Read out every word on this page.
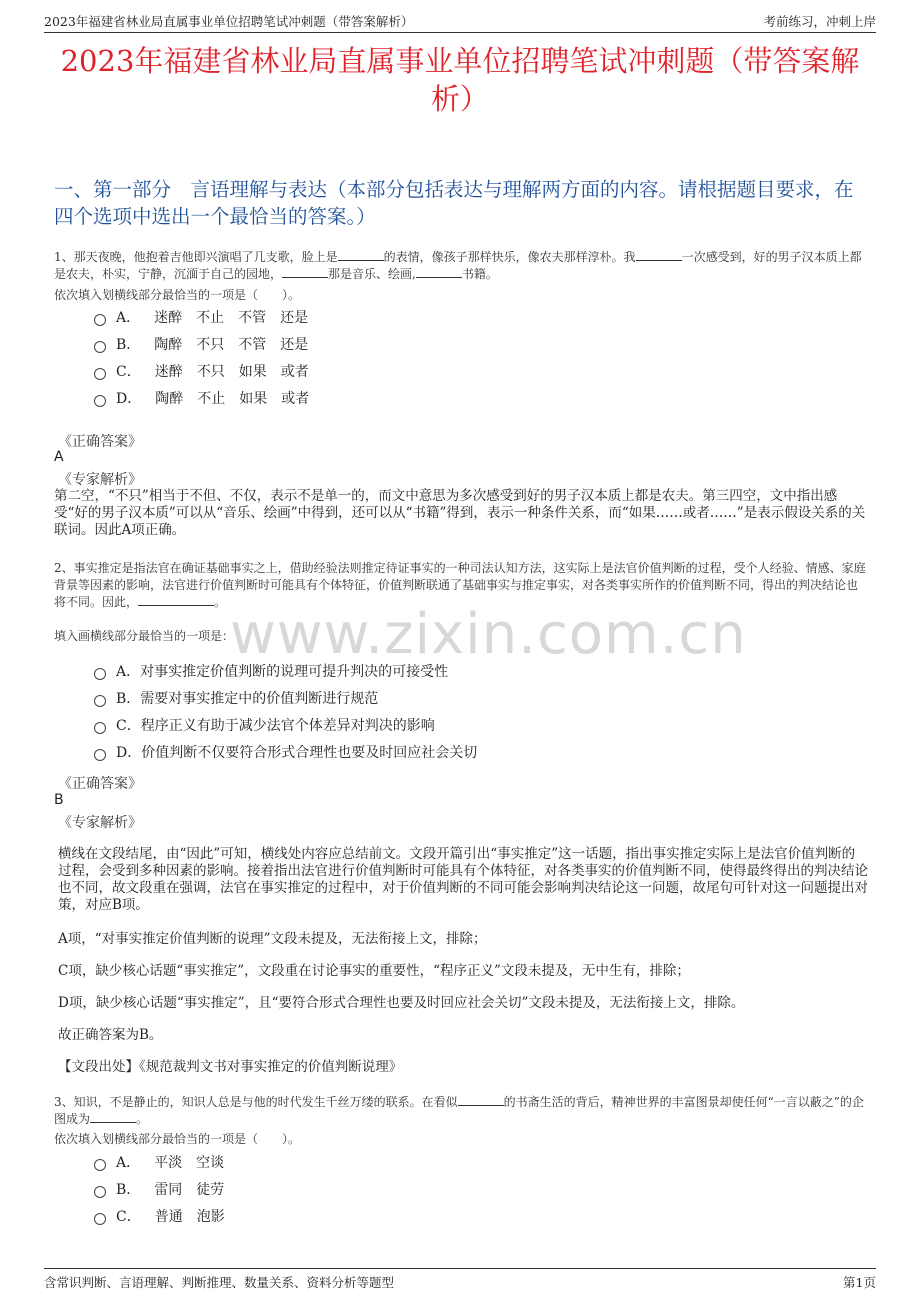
2023年福建省林业局直属事业单位招聘笔试冲刺题（带答案解析）	考前练习，冲刺上岸
2023年福建省林业局直属事业单位招聘笔试冲刺题（带答案解析）
一、第一部分　言语理解与表达（本部分包括表达与理解两方面的内容。请根据题目要求，在四个选项中选出一个最恰当的答案。）
1、那天夜晚，他抱着吉他即兴演唱了几支歌，脸上是	的表情，像孩子那样快乐，像农夫那样淳朴。我	一次感受到，好的男子汉本质上都是农夫，朴实，宁静，沉湎于自己的园地，	那是音乐、绘画,	书籍。
依次填入划横线部分最恰当的一项是（　　）。
A． 迷醉 不止 不管 还是
B． 陶醉 不只 不管 还是
C． 迷醉 不只 如果 或者
D． 陶醉 不止 如果 或者
《正确答案》
A
《专家解析》
第二空，“不只”相当于不但、不仅，表示不是单一的，而文中意思为多次感受到好的男子汉本质上都是农夫。第三四空，文中指出感受“好的男子汉本质”可以从“音乐、绘画”中得到，还可以从“书籍”得到，表示一种条件关系，而“如果……或者……”是表示假设关系的关联词。因此A项正确。
2、事实推定是指法官在确证基础事实之上，借助经验法则推定待证事实的一种司法认知方法，这实际上是法官价值判断的过程，受个人经验、情感、家庭背景等因素的影响，法官进行价值判断时可能具有个体特征，价值判断联通了基础事实与推定事实，对各类事实所作的价值判断不同，得出的判决结论也将不同。因此，	。
填入画横线部分最恰当的一项是：
www.zixin.com.cn
A． 对事实推定价值判断的说理可提升判决的可接受性
B． 需要对事实推定中的价值判断进行规范
C． 程序正义有助于减少法官个体差异对判决的影响
D． 价值判断不仅要符合形式合理性也要及时回应社会关切
《正确答案》
B
《专家解析》
横线在文段结尾，由“因此”可知，横线处内容应总结前文。文段开篇引出“事实推定”这一话题，指出事实推定实际上是法官价值判断的过程，会受到多种因素的影响。接着指出法官进行价值判断时可能具有个体特征，对各类事实的价值判断不同，使得最终得出的判决结论也不同，故文段重在强调，法官在事实推定的过程中，对于价值判断的不同可能会影响判决结论这一问题，故尾句可针对这一问题提出对策，对应B项。
A项，“对事实推定价值判断的说理”文段未提及，无法衔接上文，排除；
C项，缺少核心话题“事实推定”，文段重在讨论事实的重要性，“程序正义”文段未提及，无中生有，排除；
D项，缺少核心话题“事实推定”，且“要符合形式合理性也要及时回应社会关切”文段未提及，无法衔接上文，排除。
故正确答案为B。
【文段出处】《规范裁判文书对事实推定的价值判断说理》
3、知识，不是静止的，知识人总是与他的时代发生千丝万缕的联系。在看似	的书斋生活的背后，精神世界的丰富图景却使任何“一言以蔽之”的企图成为	。
依次填入划横线部分最恰当的一项是（　　）。
A． 平淡 空谈
B． 雷同 徒劳
C． 普通 泡影
含常识判断、言语理解、判断推理、数量关系、资料分析等题型	第1页
